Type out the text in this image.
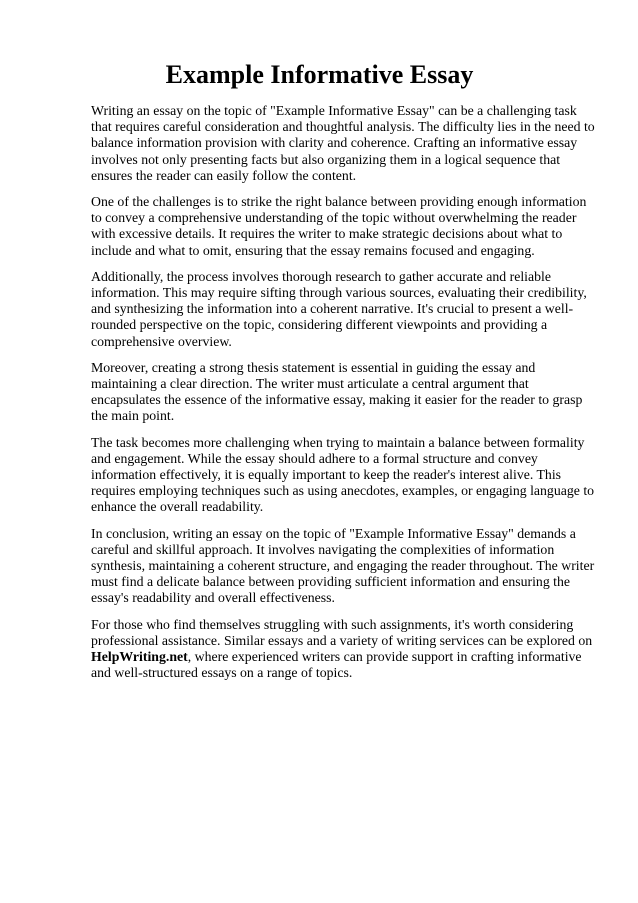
Example Informative Essay

Writing an essay on the topic of "Example Informative Essay" can be a challenging task that requires careful consideration and thoughtful analysis. The difficulty lies in the need to balance information provision with clarity and coherence. Crafting an informative essay involves not only presenting facts but also organizing them in a logical sequence that ensures the reader can easily follow the content.

One of the challenges is to strike the right balance between providing enough information to convey a comprehensive understanding of the topic without overwhelming the reader with excessive details. It requires the writer to make strategic decisions about what to include and what to omit, ensuring that the essay remains focused and engaging.

Additionally, the process involves thorough research to gather accurate and reliable information. This may require sifting through various sources, evaluating their credibility, and synthesizing the information into a coherent narrative. It's crucial to present a well-rounded perspective on the topic, considering different viewpoints and providing a comprehensive overview.

Moreover, creating a strong thesis statement is essential in guiding the essay and maintaining a clear direction. The writer must articulate a central argument that encapsulates the essence of the informative essay, making it easier for the reader to grasp the main point.

The task becomes more challenging when trying to maintain a balance between formality and engagement. While the essay should adhere to a formal structure and convey information effectively, it is equally important to keep the reader's interest alive. This requires employing techniques such as using anecdotes, examples, or engaging language to enhance the overall readability.

In conclusion, writing an essay on the topic of "Example Informative Essay" demands a careful and skillful approach. It involves navigating the complexities of information synthesis, maintaining a coherent structure, and engaging the reader throughout. The writer must find a delicate balance between providing sufficient information and ensuring the essay's readability and overall effectiveness.

For those who find themselves struggling with such assignments, it's worth considering professional assistance. Similar essays and a variety of writing services can be explored on HelpWriting.net, where experienced writers can provide support in crafting informative and well-structured essays on a range of topics.
